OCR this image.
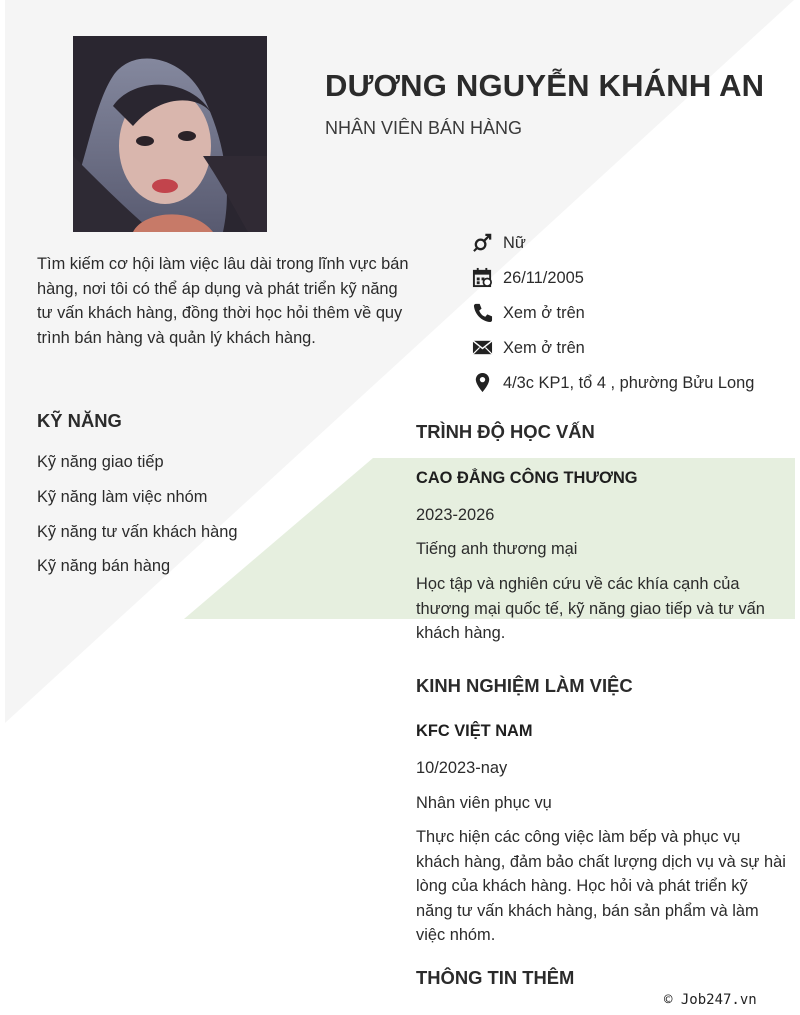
DƯƠNG NGUYỄN KHÁNH AN
NHÂN VIÊN BÁN HÀNG
Tìm kiếm cơ hội làm việc lâu dài trong lĩnh vực bán hàng, nơi tôi có thể áp dụng và phát triển kỹ năng tư vấn khách hàng, đồng thời học hỏi thêm về quy trình bán hàng và quản lý khách hàng.
Nữ
26/11/2005
Xem ở trên
Xem ở trên
4/3c KP1, tổ 4 , phường Bửu Long
KỸ NĂNG
Kỹ năng giao tiếp
Kỹ năng làm việc nhóm
Kỹ năng tư vấn khách hàng
Kỹ năng bán hàng
TRÌNH ĐỘ HỌC VẤN
CAO ĐẲNG CÔNG THƯƠNG
2023-2026
Tiếng anh thương mại
Học tập và nghiên cứu về các khía cạnh của thương mại quốc tế, kỹ năng giao tiếp và tư vấn khách hàng.
KINH NGHIỆM LÀM VIỆC
KFC VIỆT NAM
10/2023-nay
Nhân viên phục vụ
Thực hiện các công việc làm bếp và phục vụ khách hàng, đảm bảo chất lượng dịch vụ và sự hài lòng của khách hàng. Học hỏi và phát triển kỹ năng tư vấn khách hàng, bán sản phẩm và làm việc nhóm.
THÔNG TIN THÊM
© Job247.vn
